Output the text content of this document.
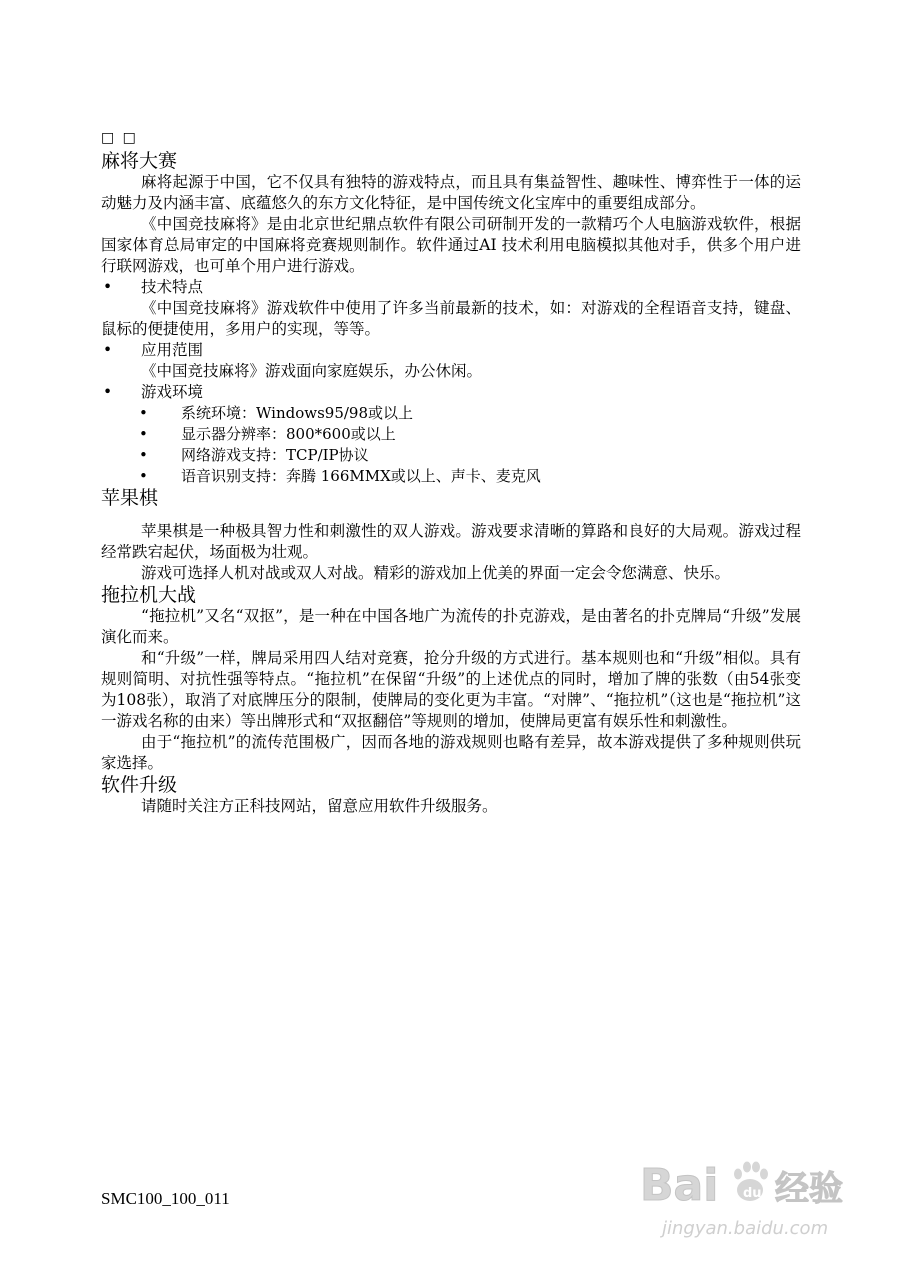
□ □
麻将大赛

麻将起源于中国，它不仅具有独特的游戏特点，而且具有集益智性、趣味性、博弈性于一体的运动魅力及内涵丰富、底蕴悠久的东方文化特征，是中国传统文化宝库中的重要组成部分。

《中国竞技麻将》是由北京世纪鼎点软件有限公司研制开发的一款精巧个人电脑游戏软件，根据国家体育总局审定的中国麻将竞赛规则制作。软件通过AI 技术利用电脑模拟其他对手，供多个用户进行联网游戏，也可单个用户进行游戏。

• 技术特点

《中国竞技麻将》游戏软件中使用了许多当前最新的技术，如：对游戏的全程语音支持，键盘、鼠标的便捷使用，多用户的实现，等等。

• 应用范围

《中国竞技麻将》游戏面向家庭娱乐，办公休闲。

• 游戏环境
• 系统环境：Windows95/98或以上
• 显示器分辨率：800*600或以上
• 网络游戏支持：TCP/IP协议
• 语音识别支持：奔腾 166MMX或以上、声卡、麦克风
苹果棋

苹果棋是一种极具智力性和刺激性的双人游戏。游戏要求清晰的算路和良好的大局观。游戏过程经常跌宕起伏，场面极为壮观。

游戏可选择人机对战或双人对战。精彩的游戏加上优美的界面一定会令您满意、快乐。

拖拉机大战

“拖拉机”又名“双抠”，是一种在中国各地广为流传的扑克游戏，是由著名的扑克牌局“升级”发展演化而来。

和“升级”一样，牌局采用四人结对竞赛，抢分升级的方式进行。基本规则也和“升级”相似。具有规则简明、对抗性强等特点。“拖拉机”在保留“升级”的上述优点的同时，增加了牌的张数（由54张变为108张），取消了对底牌压分的限制，使牌局的变化更为丰富。“对牌”、“拖拉机”（这也是“拖拉机”这一游戏名称的由来）等出牌形式和“双抠翻倍”等规则的增加，使牌局更富有娱乐性和刺激性。

由于“拖拉机”的流传范围极广，因而各地的游戏规则也略有差异，故本游戏提供了多种规则供玩家选择。

软件升级

请随时关注方正科技网站，留意应用软件升级服务。

SMC100_100_011	Bai du 经验
jingyan.baidu.com
